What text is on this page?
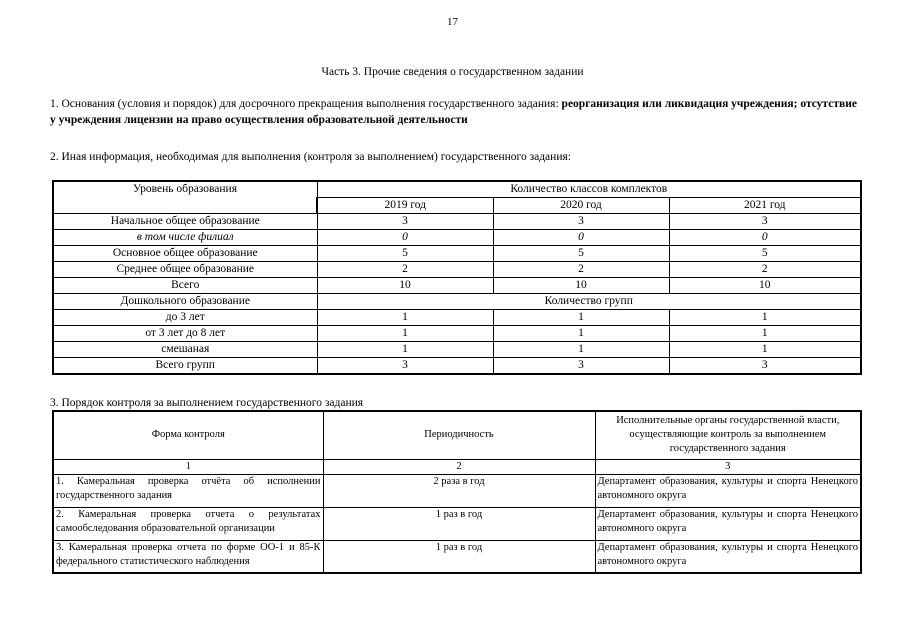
17
Часть 3. Прочие сведения о государственном задании
1. Основания (условия и порядок) для досрочного прекращения выполнения государственного задания: реорганизация или ликвидация учреждения; отсутствие у учреждения лицензии на право осуществления образовательной деятельности
2. Иная информация, необходимая для выполнения (контроля за выполнением) государственного задания:
Уровень образования	Количество классов комплектов		
	2019 год	2020 год	2021 год
Начальное общее образование	3	3	3
в том числе филиал	0	0	0
Основное общее образование	5	5	5
Среднее общее образование	2	2	2
Всего	10	10	10
Дошкольного образование	Количество групп		
до 3 лет	1	1	1
от 3 лет до 8 лет	1	1	1
смешаная	1	1	1
Всего групп	3	3	3
3. Порядок контроля за выполнением государственного задания
Форма контроля	Периодичность	Исполнительные органы государственной власти, осуществляющие контроль за выполнением государственного задания
1	2	3
1. Камеральная проверка отчёта об исполнении государственного задания	2 раза в год	Департамент образования, культуры и спорта Ненецкого автономного округа
2. Камеральная проверка отчета о результатах самообследования образовательной организации	1 раз в год	Департамент образования, культуры и спорта Ненецкого автономного округа
3. Камеральная проверка отчета по форме ОО-1 и 85-К федерального статистического наблюдения	1 раз в год	Департамент образования, культуры и спорта Ненецкого автономного округа
